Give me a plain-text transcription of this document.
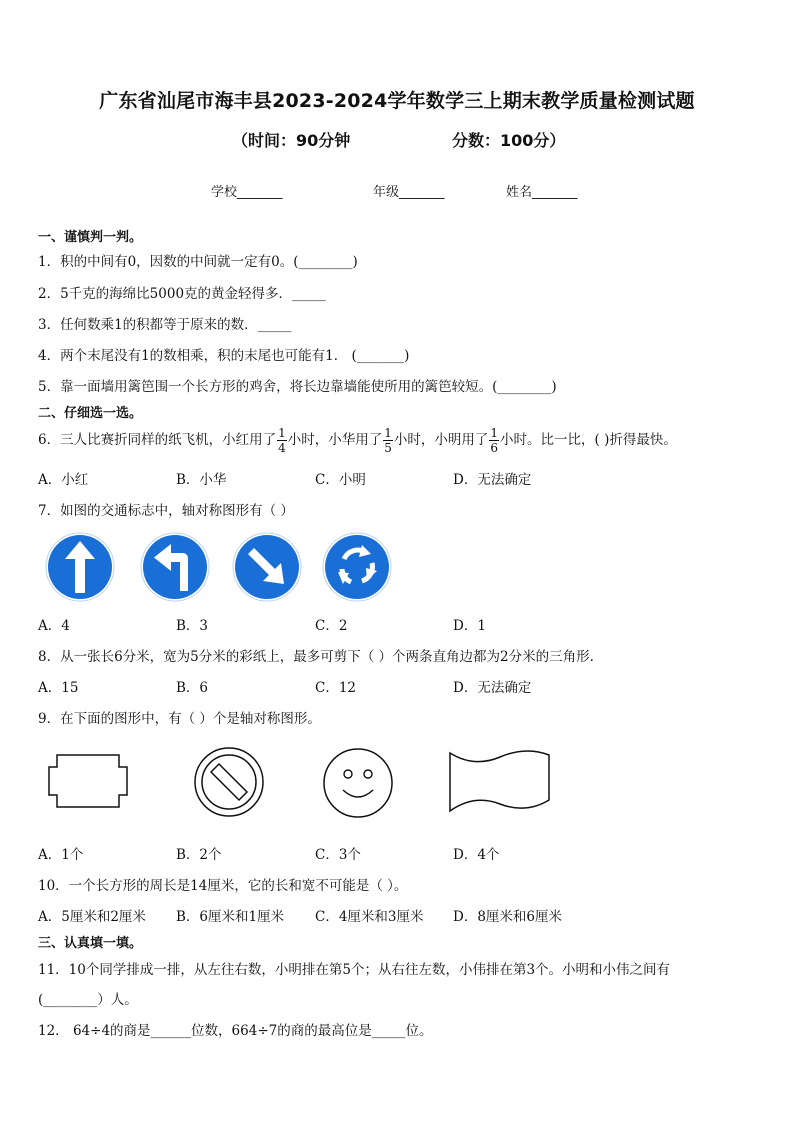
广东省汕尾市海丰县2023-2024学年数学三上期末教学质量检测试题
（时间：90分钟	分数：100分）
学校_______	年级_______	姓名_______
一、谨慎判一判。
1．积的中间有0，因数的中间就一定有0。(________)
2．5千克的海绵比5000克的黄金轻得多．_____
3．任何数乘1的积都等于原来的数．_____
4．两个末尾没有1的数相乘，积的末尾也可能有1． (_______)
5．靠一面墙用篱笆围一个长方形的鸡舍，将长边靠墙能使所用的篱笆较短。(________)
二、仔细选一选。
6．三人比赛折同样的纸飞机，小红用了 $\frac{1}{4}$ 小时，小华用了 $\frac{1}{5}$ 小时，小明用了 $\frac{1}{6}$ 小时。比一比，( )折得最快。
A．小红	B．小华	C．小明	D．无法确定
7．如图的交通标志中，轴对称图形有（ ）
A．4	B．3	C．2	D．1
8．从一张长6分米，宽为5分米的彩纸上，最多可剪下（ ）个两条直角边都为2分米的三角形.
A．15	B．6	C．12	D．无法确定
9．在下面的图形中，有（ ）个是轴对称图形。
A．1个	B．2个	C．3个	D．4个
10．一个长方形的周长是14厘米，它的长和宽不可能是（ ）。
A．5厘米和2厘米 B．6厘米和1厘米 C．4厘米和3厘米 D．8厘米和6厘米
三、认真填一填。
11．10个同学排成一排，从左往右数，小明排在第5个；从右往左数，小伟排在第3个。小明和小伟之间有
(________）人。
12． 64÷4的商是______位数，664÷7的商的最高位是_____位。
